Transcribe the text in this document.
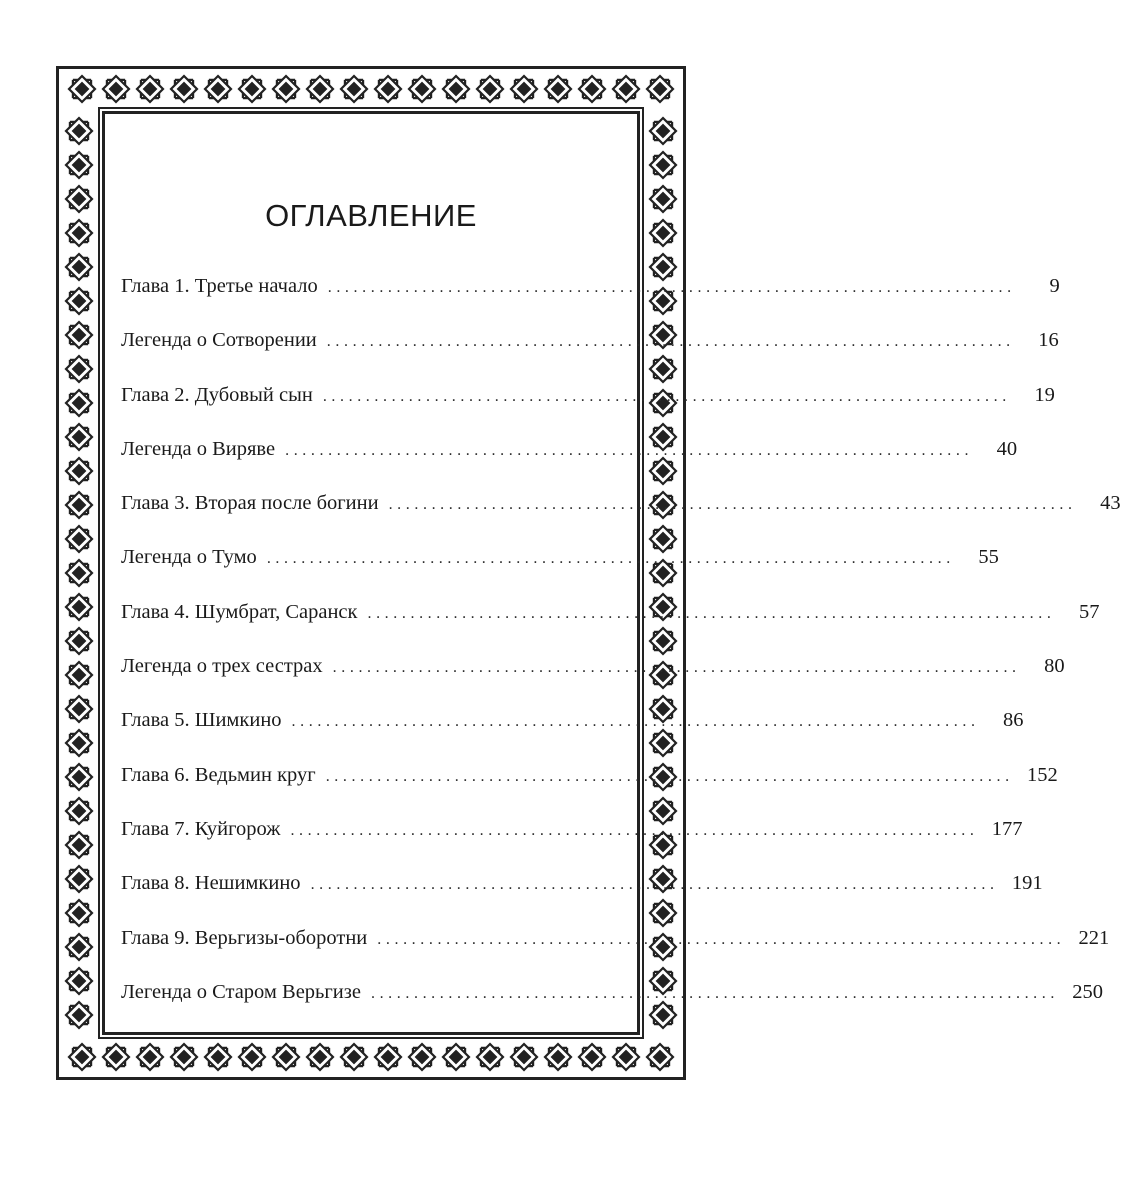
ОГЛАВЛЕНИЕ
Глава 1. Третье начало ................................................................................	9
Легенда о Сотворении ................................................................................	16
Глава 2. Дубовый сын ................................................................................	19
Легенда о Виряве ................................................................................	40
Глава 3. Вторая после богини ................................................................................	43
Легенда о Тумо ................................................................................	55
Глава 4. Шумбрат, Саранск ................................................................................	57
Легенда о трех сестрах ................................................................................	80
Глава 5. Шимкино ................................................................................	86
Глава 6. Ведьмин круг ................................................................................ 152
Глава 7. Куйгорож ................................................................................ 177
Глава 8. Нешимкино ................................................................................ 191
Глава 9. Верьгизы-оборотни ................................................................................ 221
Легенда о Старом Верьгизе ................................................................................ 250
